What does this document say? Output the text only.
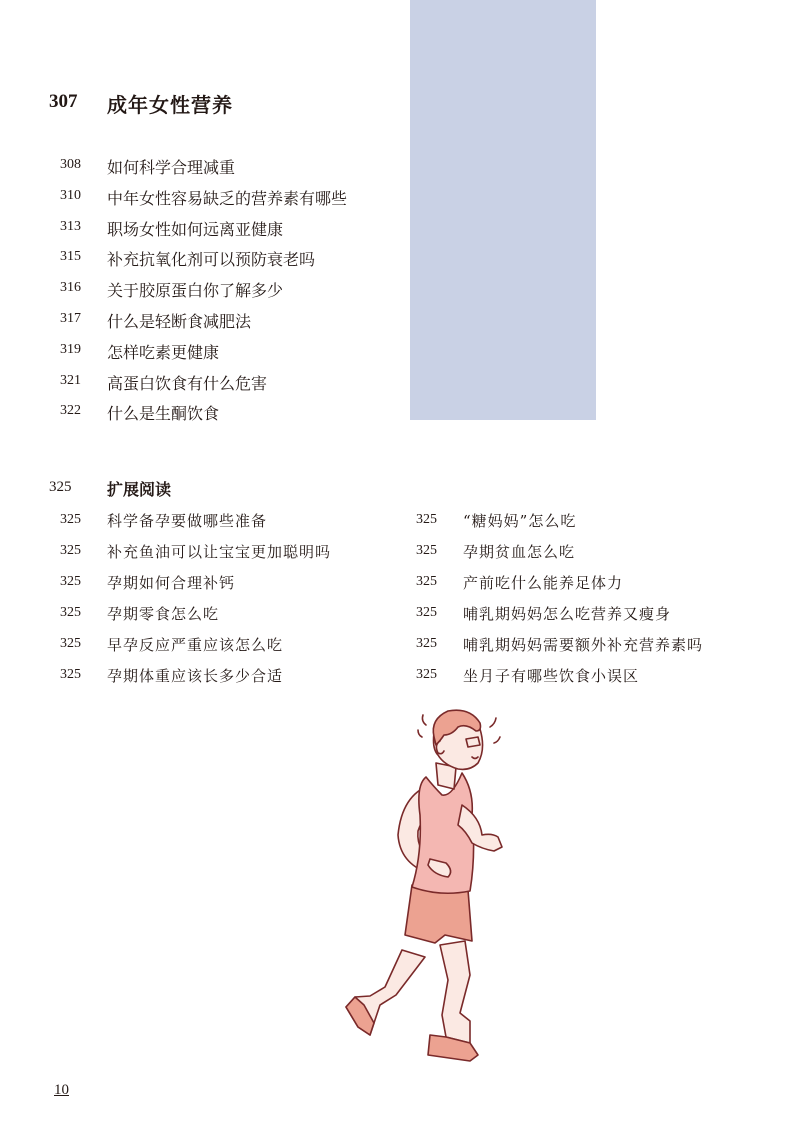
307 成年女性营养
308 如何科学合理减重
310 中年女性容易缺乏的营养素有哪些
313 职场女性如何远离亚健康
315 补充抗氧化剂可以预防衰老吗
316 关于胶原蛋白你了解多少
317 什么是轻断食减肥法
319 怎样吃素更健康
321 高蛋白饮食有什么危害
322 什么是生酮饮食
325 扩展阅读
325 科学备孕要做哪些准备
325 补充鱼油可以让宝宝更加聪明吗
325 孕期如何合理补钙
325 孕期零食怎么吃
325 早孕反应严重应该怎么吃
325 孕期体重应该长多少合适
325 “糖妈妈”怎么吃
325 孕期贫血怎么吃
325 产前吃什么能养足体力
325 哺乳期妈妈怎么吃营养又瘦身
325 哺乳期妈妈需要额外补充营养素吗
325 坐月子有哪些饮食小误区
10
